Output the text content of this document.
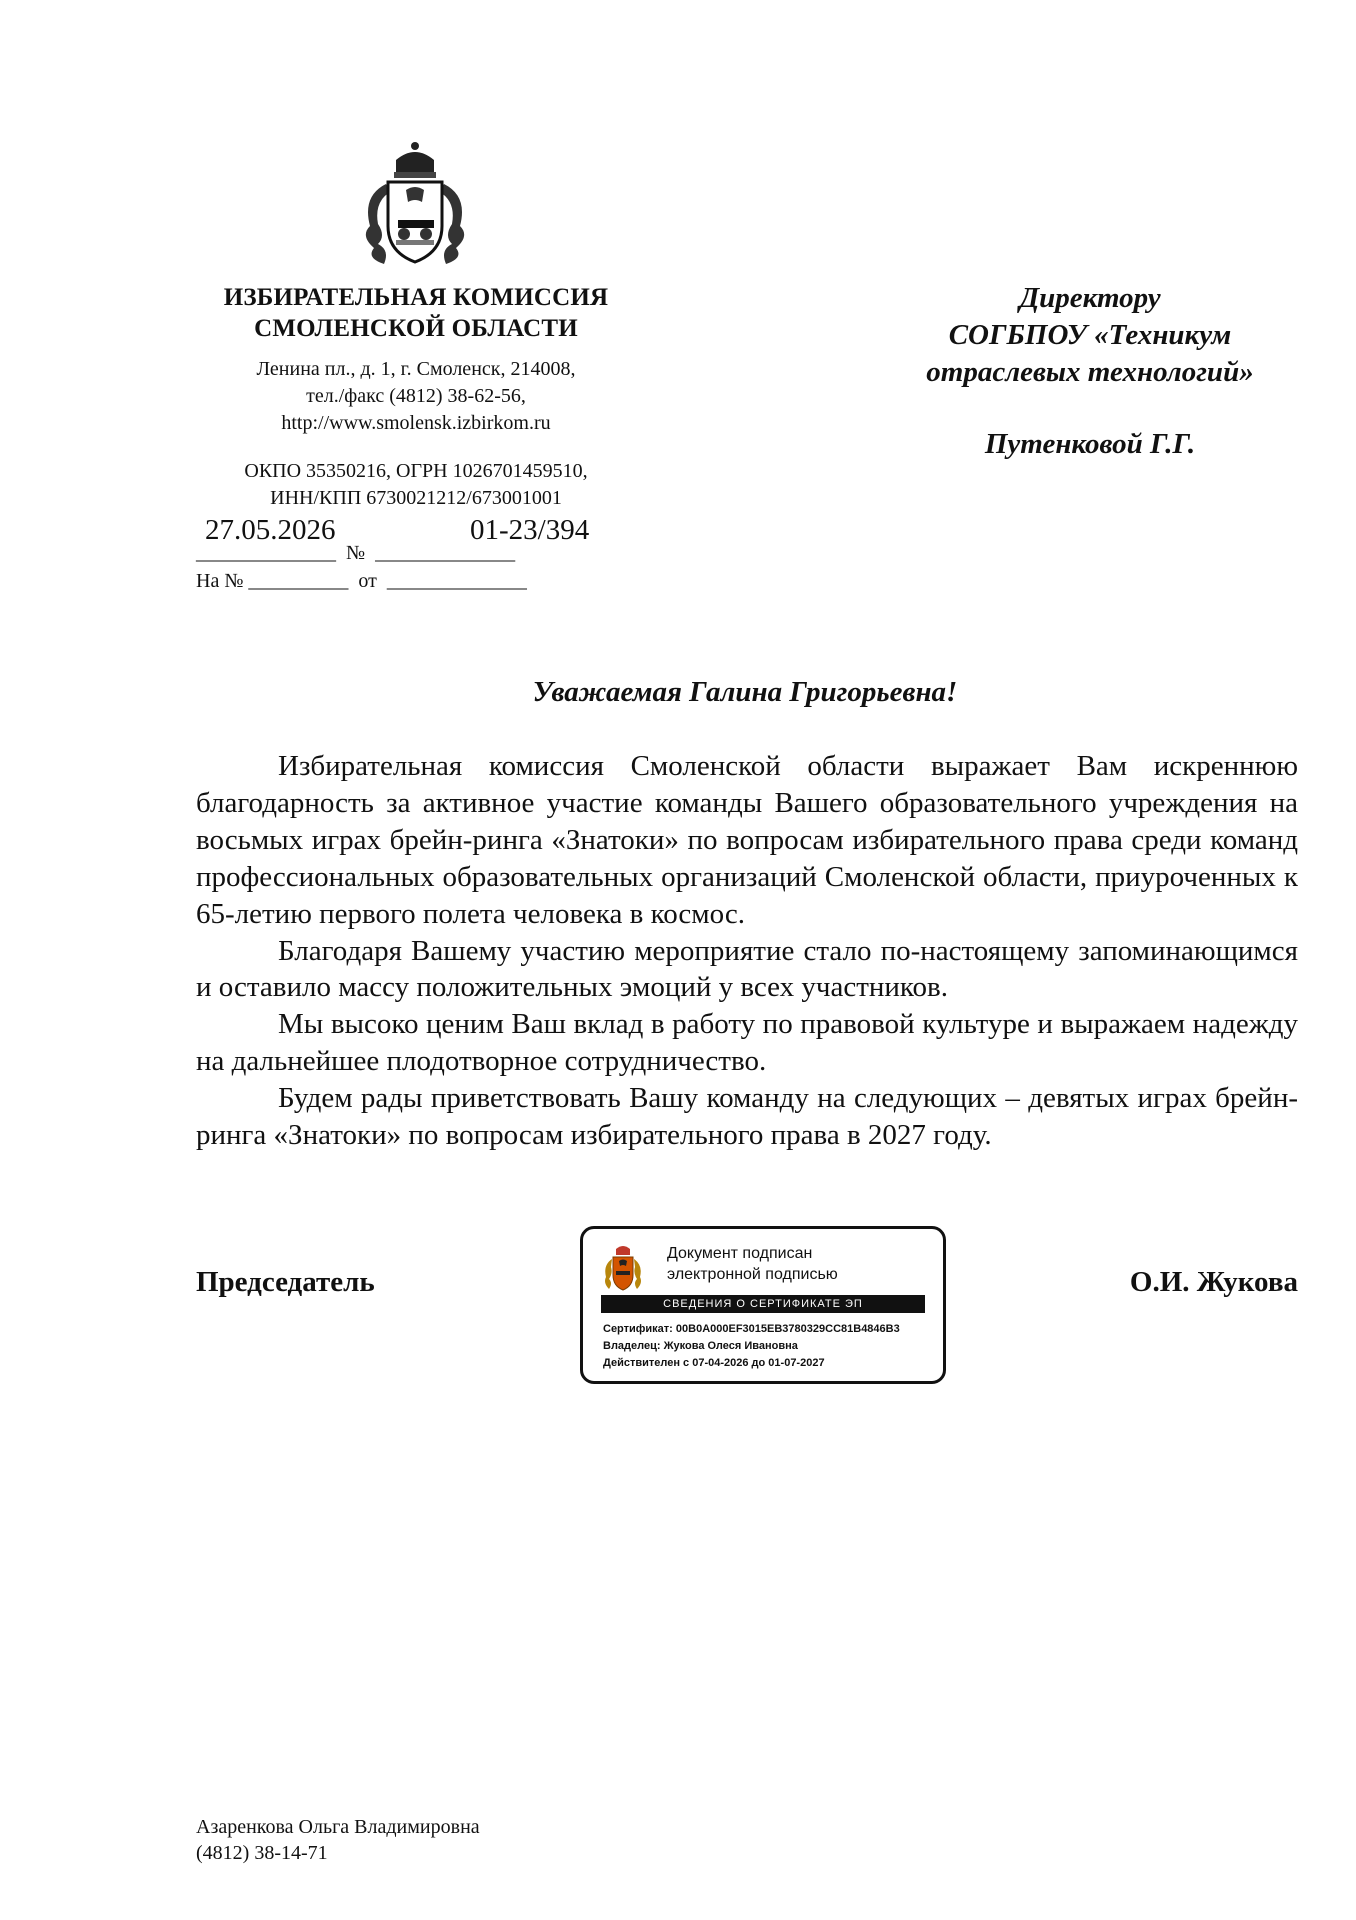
ИЗБИРАТЕЛЬНАЯ КОМИССИЯ
СМОЛЕНСКОЙ ОБЛАСТИ
Ленина пл., д. 1, г. Смоленск, 214008,
тел./факс (4812) 38-62-56,
http://www.smolensk.izbirkom.ru
ОКПО 35350216, ОГРН 1026701459510,
ИНН/КПП 6730021212/673001001
27.05.2026	01-23/394
______________  №  ______________
На № __________  от  ______________
Директору
СОГБПОУ «Техникум
отраслевых технологий»
Путенковой Г.Г.
Уважаемая Галина Григорьевна!

Избирательная комиссия Смоленской области выражает Вам искреннюю благодарность за активное участие команды Вашего образовательного учреждения на восьмых играх брейн-ринга «Знатоки» по вопросам избирательного права среди команд профессиональных образовательных организаций Смоленской области, приуроченных к 65-летию первого полета человека в космос.

Благодаря Вашему участию мероприятие стало по-настоящему запоминающимся и оставило массу положительных эмоций у всех участников.

Мы высоко ценим Ваш вклад в работу по правовой культуре и выражаем надежду на дальнейшее плодотворное сотрудничество.

Будем рады приветствовать Вашу команду на следующих – девятых играх брейн-ринга «Знатоки» по вопросам избирательного права в 2027 году.

Председатель
Документ подписан
электронной подписью
СВЕДЕНИЯ О СЕРТИФИКАТЕ ЭП
Сертификат: 00B0A000EF3015EB3780329CC81B4846B3
Владелец: Жукова Олеся Ивановна
Действителен с 07-04-2026 до 01-07-2027
О.И. Жукова
Азаренкова Ольга Владимировна
(4812) 38-14-71
